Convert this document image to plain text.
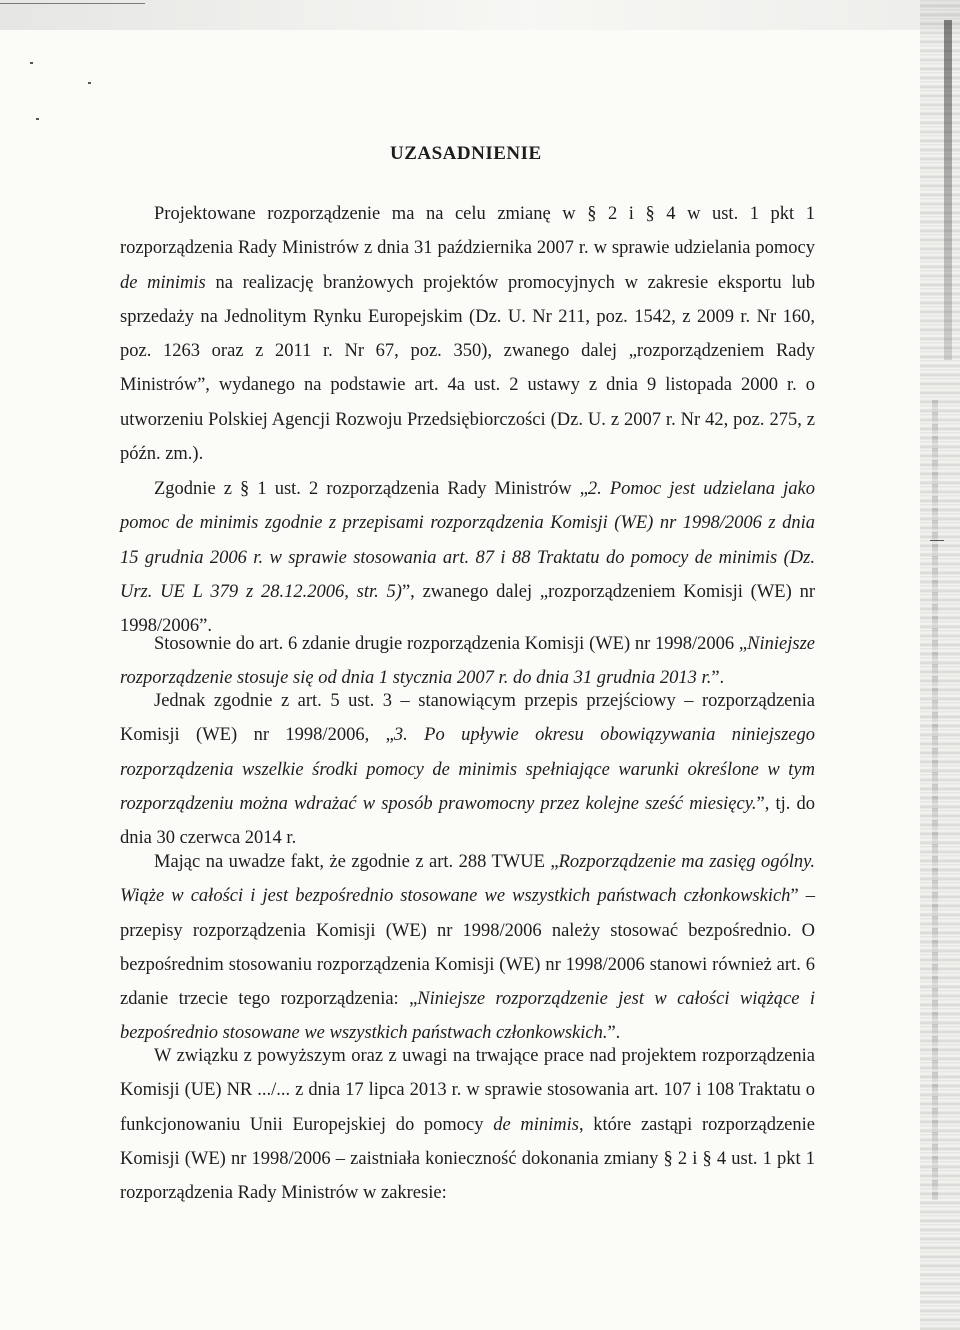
UZASADNIENIE

Projektowane rozporządzenie ma na celu zmianę w § 2 i § 4 w ust. 1 pkt 1 rozporządzenia Rady Ministrów z dnia 31 października 2007 r. w sprawie udzielania pomocy de minimis na realizację branżowych projektów promocyjnych w zakresie eksportu lub sprzedaży na Jednolitym Rynku Europejskim (Dz. U. Nr 211, poz. 1542, z 2009 r. Nr 160, poz. 1263 oraz z 2011 r. Nr 67, poz. 350), zwanego dalej „rozporządzeniem Rady Ministrów”, wydanego na podstawie art. 4a ust. 2 ustawy z dnia 9 listopada 2000 r. o utworzeniu Polskiej Agencji Rozwoju Przedsiębiorczości (Dz. U. z 2007 r. Nr 42, poz. 275, z późn. zm.).

Zgodnie z § 1 ust. 2 rozporządzenia Rady Ministrów „2. Pomoc jest udzielana jako pomoc de minimis zgodnie z przepisami rozporządzenia Komisji (WE) nr 1998/2006 z dnia 15 grudnia 2006 r. w sprawie stosowania art. 87 i 88 Traktatu do pomocy de minimis (Dz. Urz. UE L 379 z 28.12.2006, str. 5)”, zwanego dalej „rozporządzeniem Komisji (WE) nr 1998/2006”.

Stosownie do art. 6 zdanie drugie rozporządzenia Komisji (WE) nr 1998/2006 „Niniejsze rozporządzenie stosuje się od dnia 1 stycznia 2007 r. do dnia 31 grudnia 2013 r.”.

Jednak zgodnie z art. 5 ust. 3 – stanowiącym przepis przejściowy – rozporządzenia Komisji (WE) nr 1998/2006, „3. Po upływie okresu obowiązywania niniejszego rozporządzenia wszelkie środki pomocy de minimis spełniające warunki określone w tym rozporządzeniu można wdrażać w sposób prawomocny przez kolejne sześć miesięcy.”, tj. do dnia 30 czerwca 2014 r.

Mając na uwadze fakt, że zgodnie z art. 288 TWUE „Rozporządzenie ma zasięg ogólny. Wiąże w całości i jest bezpośrednio stosowane we wszystkich państwach członkowskich” – przepisy rozporządzenia Komisji (WE) nr 1998/2006 należy stosować bezpośrednio. O bezpośrednim stosowaniu rozporządzenia Komisji (WE) nr 1998/2006 stanowi również art. 6 zdanie trzecie tego rozporządzenia: „Niniejsze rozporządzenie jest w całości wiążące i bezpośrednio stosowane we wszystkich państwach członkowskich.”.

W związku z powyższym oraz z uwagi na trwające prace nad projektem rozporządzenia Komisji (UE) NR .../... z dnia 17 lipca 2013 r. w sprawie stosowania art. 107 i 108 Traktatu o funkcjonowaniu Unii Europejskiej do pomocy de minimis, które zastąpi rozporządzenie Komisji (WE) nr 1998/2006 – zaistniała konieczność dokonania zmiany § 2 i § 4 ust. 1 pkt 1 rozporządzenia Rady Ministrów w zakresie:
